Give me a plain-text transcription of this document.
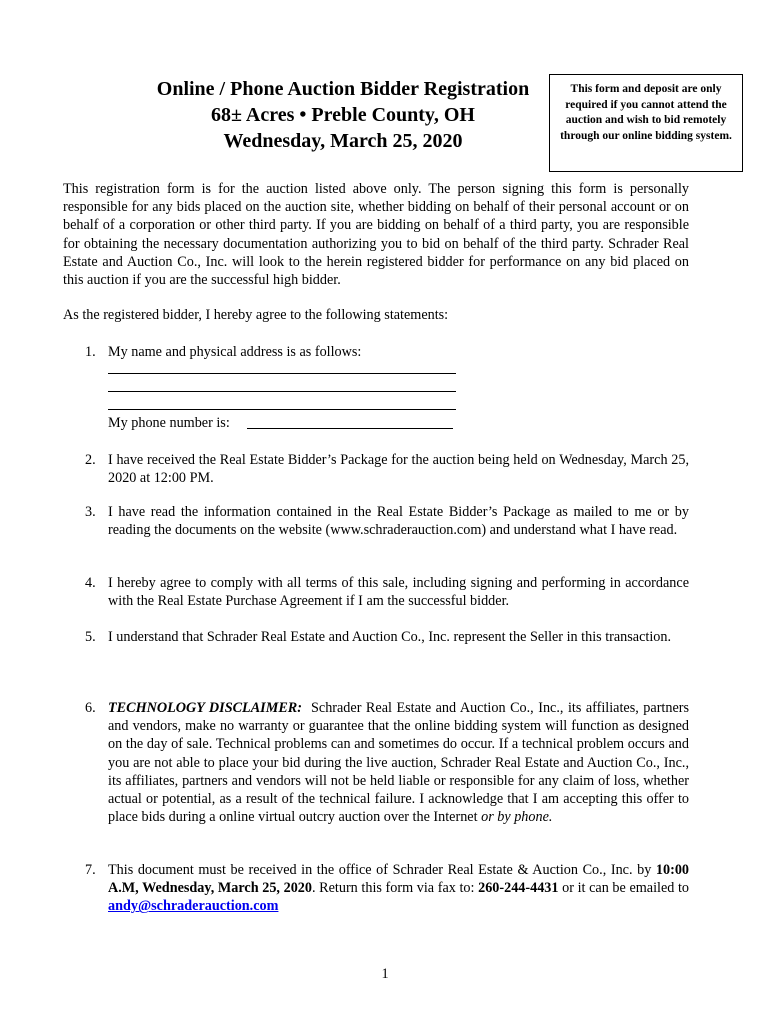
Online / Phone Auction Bidder Registration
68± Acres • Preble County, OH
Wednesday, March 25, 2020
This form and deposit are only required if you cannot attend the auction and wish to bid remotely through our online bidding system.
This registration form is for the auction listed above only. The person signing this form is personally responsible for any bids placed on the auction site, whether bidding on behalf of their personal account or on behalf of a corporation or other third party. If you are bidding on behalf of a third party, you are responsible for obtaining the necessary documentation authorizing you to bid on behalf of the third party. Schrader Real Estate and Auction Co., Inc. will look to the herein registered bidder for performance on any bid placed on this auction if you are the successful high bidder.
As the registered bidder, I hereby agree to the following statements:
1. My name and physical address is as follows:
My phone number is:
2. I have received the Real Estate Bidder’s Package for the auction being held on Wednesday, March 25, 2020 at 12:00 PM.
3. I have read the information contained in the Real Estate Bidder’s Package as mailed to me or by reading the documents on the website (www.schraderauction.com) and understand what I have read.
4. I hereby agree to comply with all terms of this sale, including signing and performing in accordance with the Real Estate Purchase Agreement if I am the successful bidder.
5. I understand that Schrader Real Estate and Auction Co., Inc. represent the Seller in this transaction.
6. TECHNOLOGY DISCLAIMER: Schrader Real Estate and Auction Co., Inc., its affiliates, partners and vendors, make no warranty or guarantee that the online bidding system will function as designed on the day of sale. Technical problems can and sometimes do occur. If a technical problem occurs and you are not able to place your bid during the live auction, Schrader Real Estate and Auction Co., Inc., its affiliates, partners and vendors will not be held liable or responsible for any claim of loss, whether actual or potential, as a result of the technical failure. I acknowledge that I am accepting this offer to place bids during a online virtual outcry auction over the Internet or by phone.
7. This document must be received in the office of Schrader Real Estate & Auction Co., Inc. by 10:00 A.M, Wednesday, March 25, 2020. Return this form via fax to: 260-244-4431 or it can be emailed to andy@schraderauction.com
1
